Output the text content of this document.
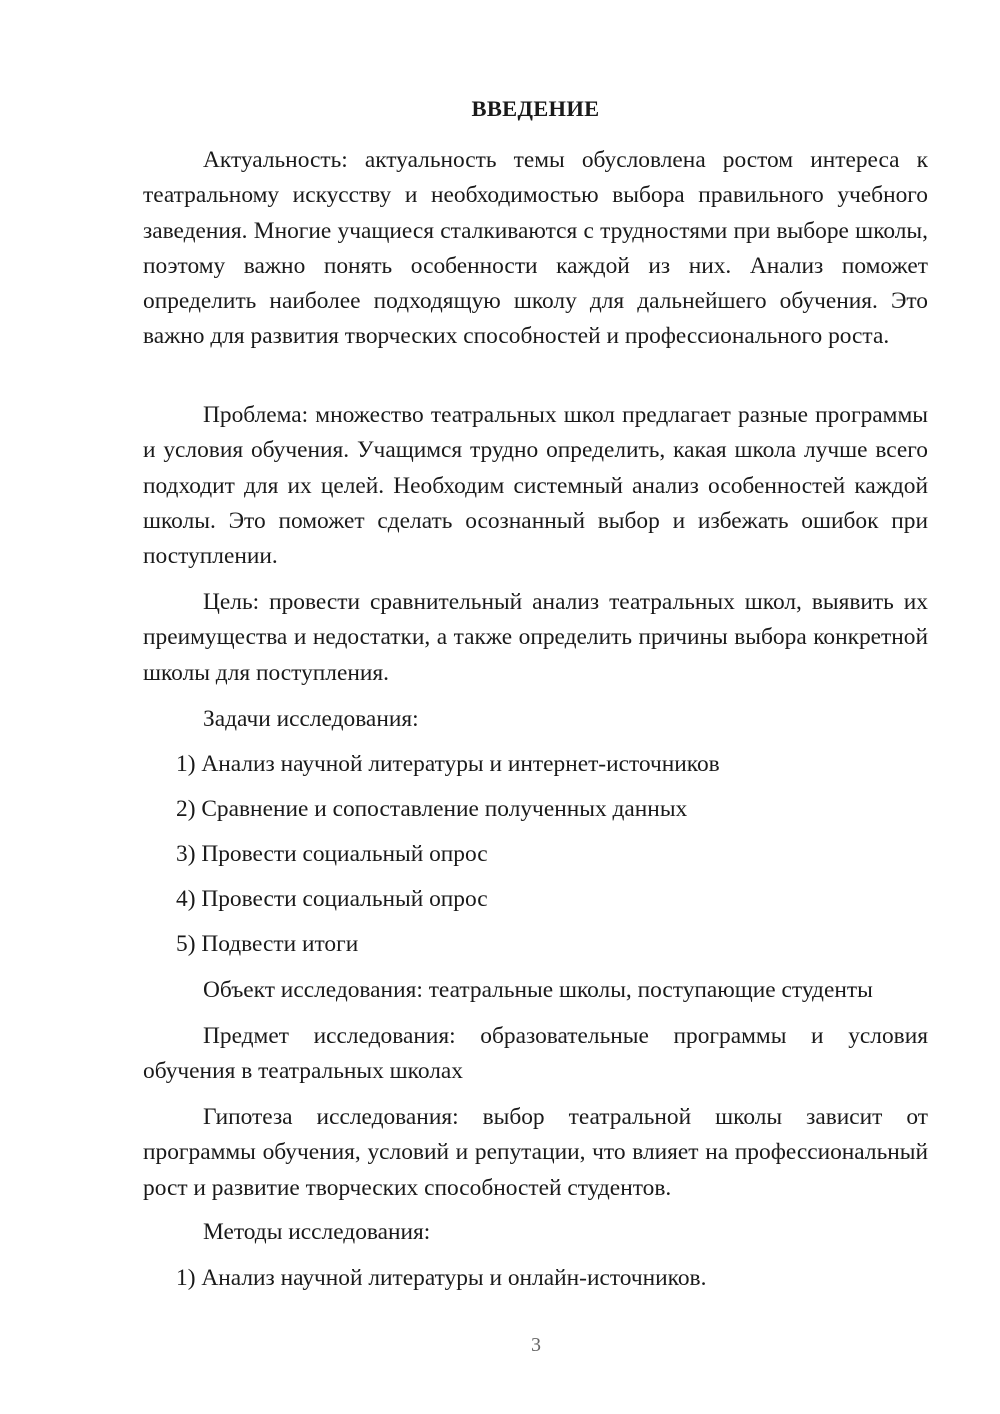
ВВЕДЕНИЕ

Актуальность: актуальность темы обусловлена ростом интереса к театральному искусству и необходимостью выбора правильного учебного заведения. Многие учащиеся сталкиваются с трудностями при выборе школы, поэтому важно понять особенности каждой из них. Анализ поможет определить наиболее подходящую школу для дальнейшего обучения. Это важно для развития творческих способностей и профессионального роста.

Проблема: множество театральных школ предлагает разные программы и условия обучения. Учащимся трудно определить, какая школа лучше всего подходит для их целей. Необходим системный анализ особенностей каждой школы. Это поможет сделать осознанный выбор и избежать ошибок при поступлении.

Цель: провести сравнительный анализ театральных школ, выявить их преимущества и недостатки, а также определить причины выбора конкретной школы для поступления.

Задачи исследования:

1) Анализ научной литературы и интернет-источников

2) Сравнение и сопоставление полученных данных

3) Провести социальный опрос

4) Провести социальный опрос

5) Подвести итоги

Объект исследования: театральные школы, поступающие студенты

Предмет исследования: образовательные программы и условия обучения в театральных школах

Гипотеза исследования: выбор театральной школы зависит от программы обучения, условий и репутации, что влияет на профессиональный рост и развитие творческих способностей студентов.

Методы исследования:

1) Анализ научной литературы и онлайн-источников.

3
